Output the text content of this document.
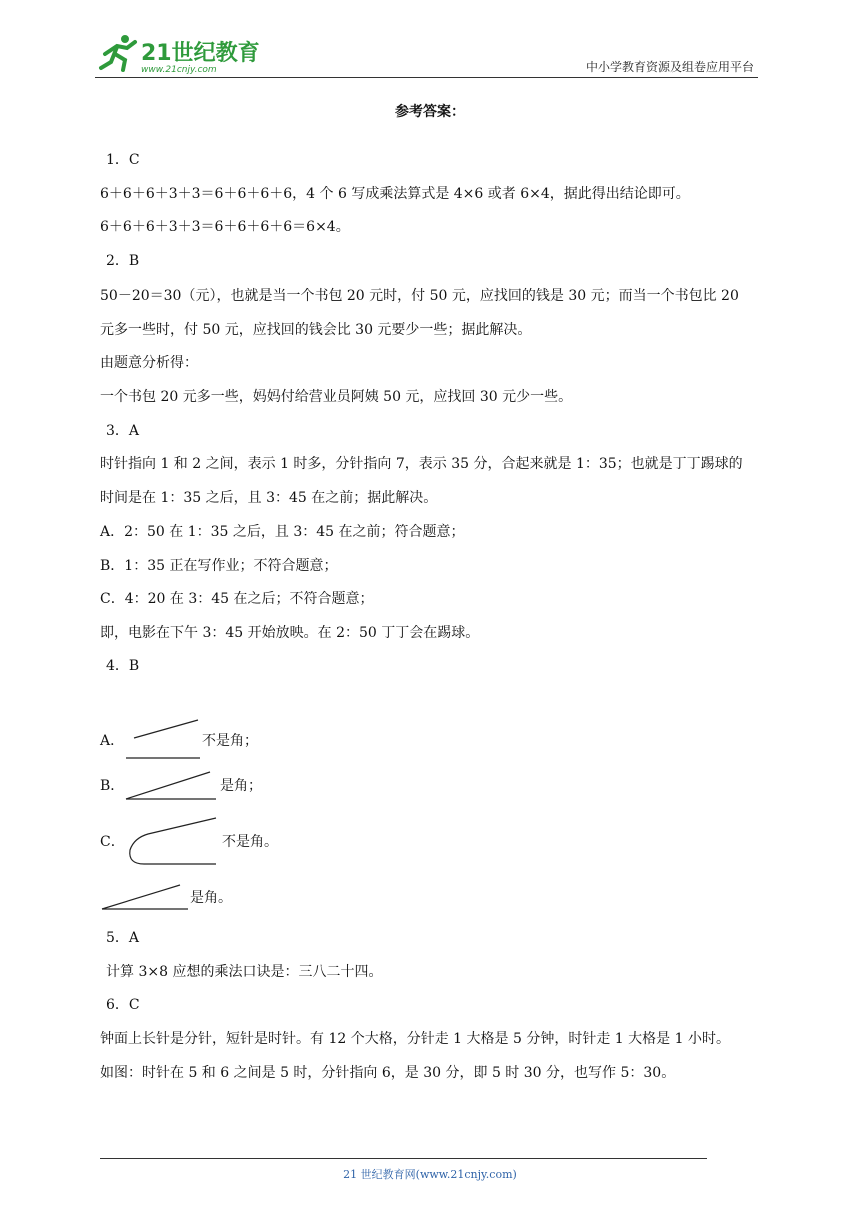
21世纪教育
www.21cnjy.com	中小学教育资源及组卷应用平台
参考答案：
1．C
6＋6＋6＋3＋3＝6＋6＋6＋6，4 个 6 写成乘法算式是 4×6 或者 6×4，据此得出结论即可。
6＋6＋6＋3＋3＝6＋6＋6＋6＝6×4。
2．B
50－20＝30（元），也就是当一个书包 20 元时，付 50 元，应找回的钱是 30 元；而当一个书包比 20
元多一些时，付 50 元，应找回的钱会比 30 元要少一些；据此解决。
由题意分析得：
一个书包 20 元多一些，妈妈付给营业员阿姨 50 元，应找回 30 元少一些。
3．A
时针指向 1 和 2 之间，表示 1 时多，分针指向 7，表示 35 分，合起来就是 1：35；也就是丁丁踢球的
时间是在 1：35 之后，且 3：45 在之前；据此解决。
A．2：50 在 1：35 之后，且 3：45 在之前；符合题意；
B．1：35 正在写作业；不符合题意；
C．4：20 在 3：45 在之后；不符合题意；
即，电影在下午 3：45 开始放映。在 2：50 丁丁会在踢球。
4．B
A．	不是角；
B．	是角；
C．	不是角。
是角。
5．A
计算 3×8 应想的乘法口诀是：三八二十四。
6．C
钟面上长针是分针，短针是时针。有 12 个大格，分针走 1 大格是 5 分钟，时针走 1 大格是 1 小时。
如图：时针在 5 和 6 之间是 5 时，分针指向 6，是 30 分，即 5 时 30 分，也写作 5：30。
21 世纪教育网(www.21cnjy.com)
